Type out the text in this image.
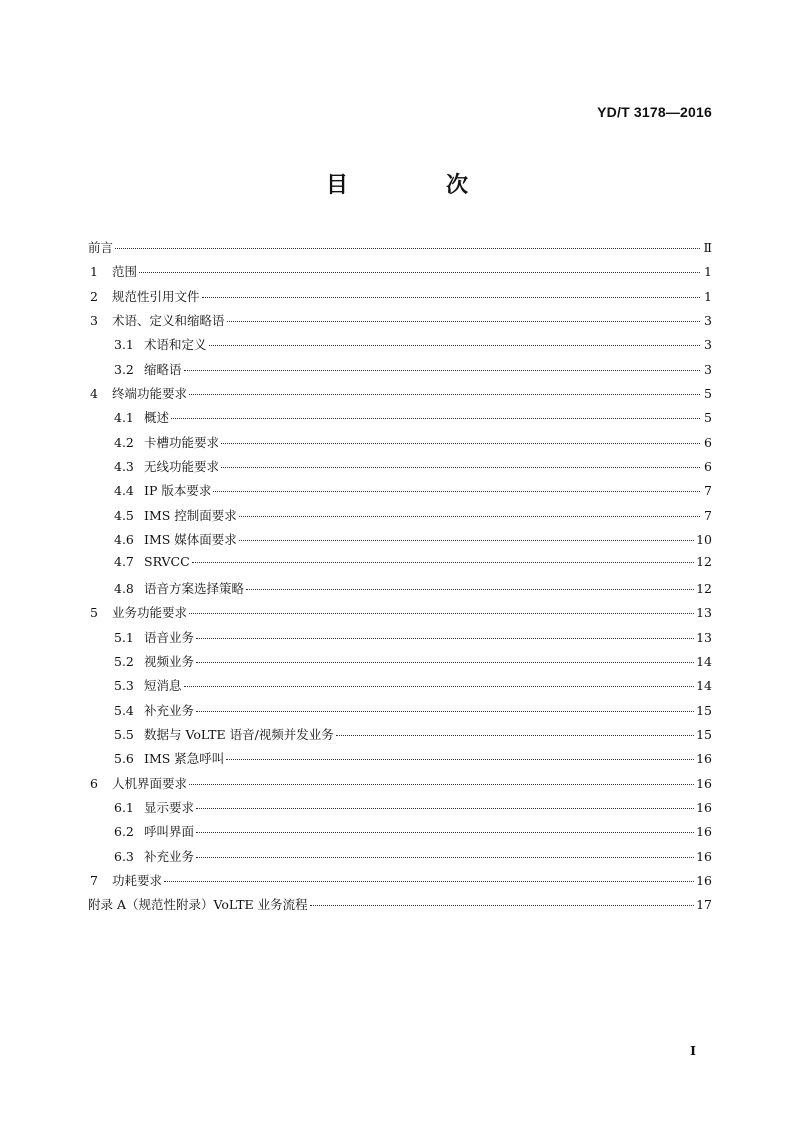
YD/T 3178—2016
目　次
前言	Ⅱ
1	范围	1
2	规范性引用文件	1
3	术语、定义和缩略语	3
3.1 术语和定义	3
3.2 缩略语	3
4	终端功能要求	5
4.1 概述	5
4.2 卡槽功能要求	6
4.3 无线功能要求	6
4.4 IP 版本要求	7
4.5 IMS 控制面要求	7
4.6 IMS 媒体面要求	10
4.7 SRVCC	12
4.8 语音方案选择策略	12
5	业务功能要求	13
5.1 语音业务	13
5.2 视频业务	14
5.3 短消息	14
5.4 补充业务	15
5.5 数据与 VoLTE 语音/视频并发业务	15
5.6 IMS 紧急呼叫	16
6	人机界面要求	16
6.1 显示要求	16
6.2 呼叫界面	16
6.3 补充业务	16
7	功耗要求	16
附录 A（规范性附录）VoLTE 业务流程	17
I
